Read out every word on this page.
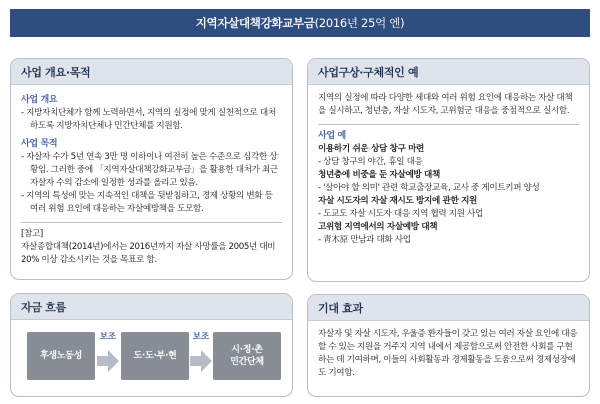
지역자살대책강화교부금 (2016년 25억 엔)
사업 개요·목적
사업 개요
- 지방자치단체가 함께 노력하면서, 지역의 실정에 맞게 실천적으로 대처하도록 지방자치단체나 민간단체를 지원함.
사업 목적
- 자살자 수가 5년 연속 3만 명 이하이나 여전히 높은 수준으로 심각한 상황임. 그러한 중에 「지역자살대책강화교부금」을 활용한 대처가 최근 자살자 수의 감소에 일정한 성과를 올리고 있음.
- 지역의 특성에 맞는 지속적인 대책을 뒷받침하고, 경제 상황의 변화 등 여러 위험 요인에 대응하는 자살예방책을 도모함.
[참고]
자살종합대책(2014년)에서는 2016년까지 자살 사망률을 2005년 대비 20% 이상 감소시키는 것을 목표로 함.
사업구상·구체적인 예
지역의 실정에 따라 다양한 세대와 여러 위험 요인에 대응하는 자살 대책을 실시하고, 청년층, 자살 시도자, 고위험군 대응을 중점적으로 실시함.
사업 예
이용하기 쉬운 상담 창구 마련
- 상담 창구의 야간, 휴일 대응
청년층에 비중을 둔 자살예방 대책
- '살아야 할 의미' 관련 학교출장교육, 교사 중 게이트키퍼 양성
자살 시도자의 자살 재시도 방지에 관한 지원
- 도교도 자살 시도자 대응 지역 협력 지원 사업
고위험 지역에서의 자살예방 대책
- 靑木原 만남과 대화 사업
자금 흐름
후생노동성
보조
도·도·부·현
보조
시·정·촌
민간단체
기대 효과
자살자 및 자살 시도자, 우울증 환자들이 갖고 있는 여러 자살 요인에 대응할 수 있는 지원을 거주지 지역 내에서 제공함으로써 안전한 사회를 구현하는 데 기여하며, 이들의 사회활동과 경제활동을 도움으로써 경제성장에도 기여함.
